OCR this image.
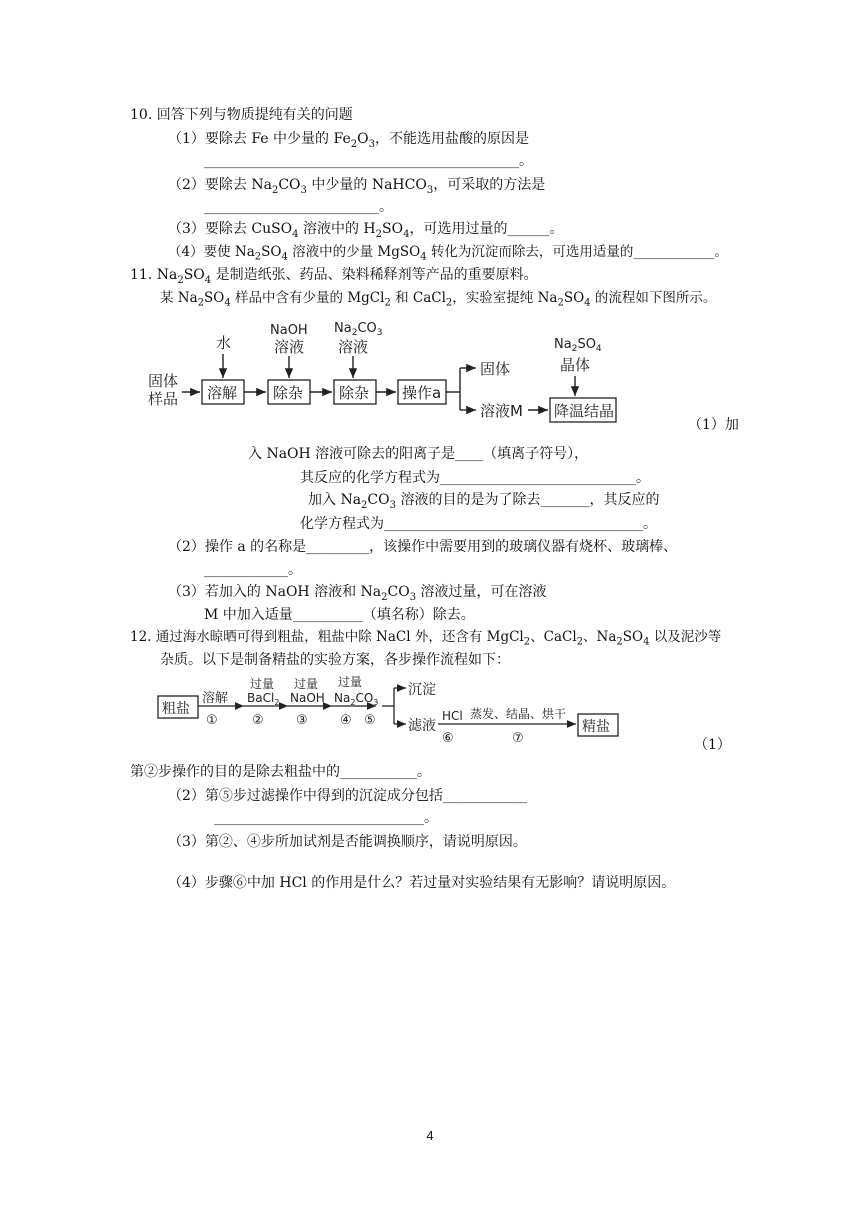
10. 回答下列与物质提纯有关的问题
（1）要除去 Fe 中少量的 $Fe_2O_3$，不能选用盐酸的原因是
_____________________________________________。
（2）要除去 $Na_2CO_3$ 中少量的 NaHCO$_3$，可采取的方法是
_________________________。
（3）要除去 CuSO$_4$ 溶液中的 $H_2SO_4$，可选用过量的______。
（4）要使 $Na_2SO_4$ 溶液中的少量 MgSO$_4$ 转化为沉淀而除去，可选用适量的____________。
11. $Na_2SO_4$ 是制造纸张、药品、染料稀释剂等产品的重要原料。
某 $Na_2SO_4$ 样品中含有少量的 MgCl$_2$ 和 CaCl$_2$，实验室提纯 $Na_2SO_4$ 的流程如下图所示。
固体
样品
水
溶解
NaOH
溶液
除杂
$Na_2CO_3$
溶液
除杂 操作a
固体
溶液M
$Na_2SO_4$
晶体
降温结晶
（1）加
入 NaOH 溶液可除去的阳离子是____（填离子符号），
其反应的化学方程式为____________________________。
加入 $Na_2CO_3$ 溶液的目的是为了除去_______，其反应的
化学方程式为_____________________________________。
（2）操作 a 的名称是_________，该操作中需要用到的玻璃仪器有烧杯、玻璃棒、
____________。
（3）若加入的 NaOH 溶液和 $Na_2CO_3$ 溶液过量，可在溶液
M 中加入适量__________（填名称）除去。
12. 通过海水晾晒可得到粗盐，粗盐中除 NaCl 外，还含有 MgCl$_2$、CaCl$_2$、$Na_2SO_4$ 以及泥沙等
杂质。以下是制备精盐的实验方案，各步操作流程如下：
粗盐
溶解
①
过量
BaCl$_2$
②
过量
NaOH
③
过量
$Na_2CO_3$
④ ⑤
沉淀
滤液
HCl
⑥
蒸发、结晶、烘干
⑦
精盐
（1）
第②步操作的目的是除去粗盐中的___________。
（2）第⑤步过滤操作中得到的沉淀成分包括____________
______________________________。
（3）第②、④步所加试剂是否能调换顺序，请说明原因。
（4）步骤⑥中加 HCl 的作用是什么？若过量对实验结果有无影响？请说明原因。
4
